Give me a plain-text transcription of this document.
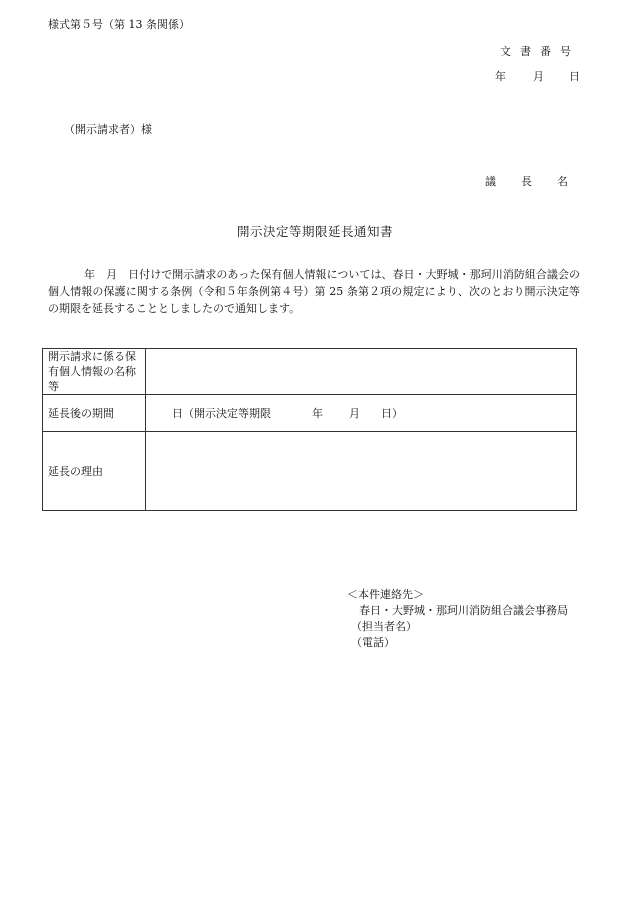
様式第５号（第 13 条関係）
文書番号
年 月 日
（開示請求者）様
議 長 名
開示決定等期限延長通知書
年　月　日付けで開示請求のあった保有個人情報については、春日・大野城・那珂川消防組合議会の個人情報の保護に関する条例（令和５年条例第４号）第 25 条第２項の規定により、次のとおり開示決定等の期限を延長することとしましたので通知します。
開示請求に係る保有個人情報の名称等	
延長後の期間	日（開示決定等期限 年 月 日）
延長の理由	
＜本件連絡先＞
春日・大野城・那珂川消防組合議会事務局
（担当者名）
（電話）
